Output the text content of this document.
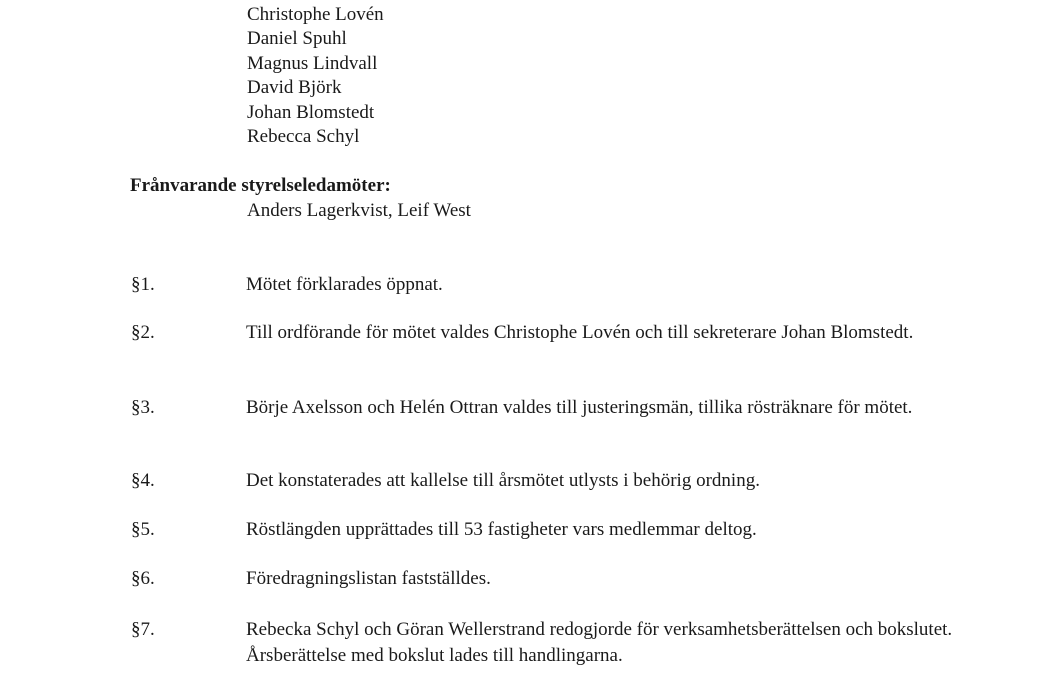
Christophe Lovén
Daniel Spuhl
Magnus Lindvall
David Björk
Johan Blomstedt
Rebecca Schyl
Frånvarande styrelseledamöter:
Anders Lagerkvist, Leif West
§1.	Mötet förklarades öppnat.
§2.	Till ordförande för mötet valdes Christophe Lovén och till sekreterare Johan Blomstedt.
§3.	Börje Axelsson och Helén Ottran valdes till justeringsmän, tillika rösträknare för mötet.
§4.	Det konstaterades att kallelse till årsmötet utlysts i behörig ordning.
§5.	Röstlängden upprättades till 53 fastigheter vars medlemmar deltog.
§6.	Föredragningslistan fastställdes.
§7.	Rebecka Schyl och Göran Wellerstrand redogjorde för verksamhetsberättelsen och bokslutet. Årsberättelse med bokslut lades till handlingarna.
